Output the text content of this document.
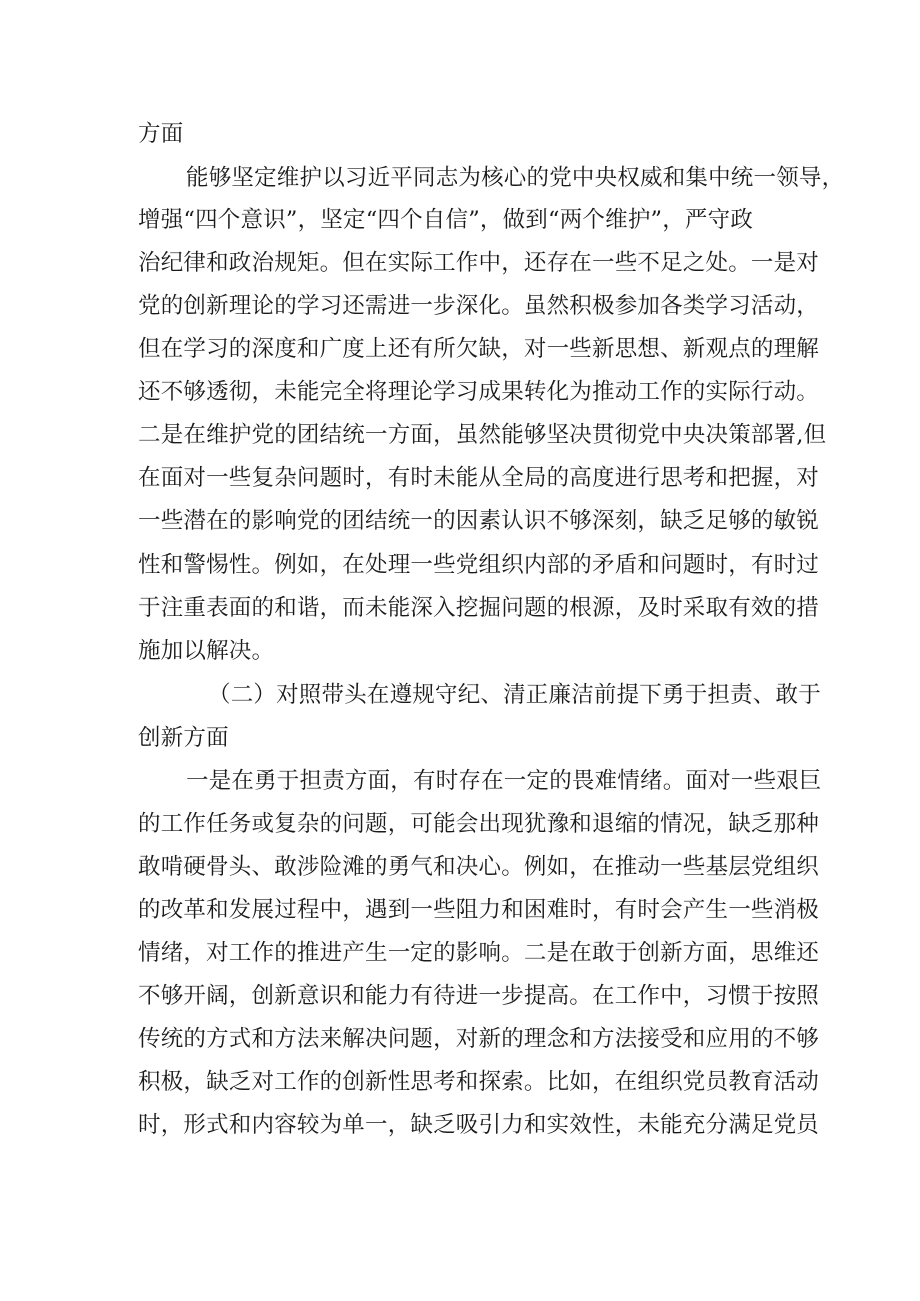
方面
能够坚定维护以习近平同志为核心的党中央权威和集中统一领导，
增强“四个意识”，坚定“四个自信”，做到“两个维护”，严守政
治纪律和政治规矩。但在实际工作中，还存在一些不足之处。一是对
党的创新理论的学习还需进一步深化。虽然积极参加各类学习活动，
但在学习的深度和广度上还有所欠缺，对一些新思想、新观点的理解
还不够透彻，未能完全将理论学习成果转化为推动工作的实际行动。
二是在维护党的团结统一方面，虽然能够坚决贯彻党中央决策部署,但
在面对一些复杂问题时，有时未能从全局的高度进行思考和把握，对
一些潜在的影响党的团结统一的因素认识不够深刻，缺乏足够的敏锐
性和警惕性。例如，在处理一些党组织内部的矛盾和问题时，有时过
于注重表面的和谐，而未能深入挖掘问题的根源，及时采取有效的措
施加以解决。
（二）对照带头在遵规守纪、清正廉洁前提下勇于担责、敢于
创新方面
一是在勇于担责方面，有时存在一定的畏难情绪。面对一些艰巨
的工作任务或复杂的问题，可能会出现犹豫和退缩的情况，缺乏那种
敢啃硬骨头、敢涉险滩的勇气和决心。例如，在推动一些基层党组织
的改革和发展过程中，遇到一些阻力和困难时，有时会产生一些消极
情绪，对工作的推进产生一定的影响。二是在敢于创新方面，思维还
不够开阔，创新意识和能力有待进一步提高。在工作中，习惯于按照
传统的方式和方法来解决问题，对新的理念和方法接受和应用的不够
积极，缺乏对工作的创新性思考和探索。比如，在组织党员教育活动
时，形式和内容较为单一，缺乏吸引力和实效性，未能充分满足党员
